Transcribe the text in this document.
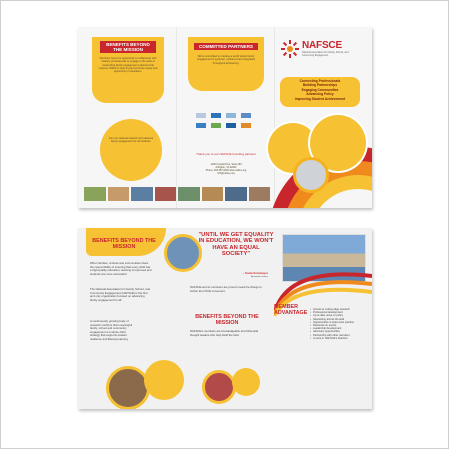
BENEFITS BEYOND THE MISSION
Members have the opportunity to collaborate with industry professionals to engage in the work of maximizing family engagement practices that improve children's learning and promote equity and opportunity in education.
Join our national network and advance family engagement for all students.
COMMITTED PARTNERS
We're committed to creating a world where family engagement is systemic, sustained and integrated throughout all learning.
Thank you to our NAFSCE founding partners
1400 Crystal Drive, Suite 260
Arlington, VA 22202
Phone: 202.657.0200 www.nafsce.org
info@nafsce.org
NAFSCE
National Association for Family, School, and Community Engagement
Connecting Professionals
Building Partnerships
Engaging Communities
Advancing Policy
Improving Student Achievement
BENEFITS BEYOND THE MISSION
When families, schools and communities share the responsibility of ensuring that every child has a high-quality education, learning is improved and students are more successful.
The National Association for Family, School, and Community Engagement (NAFSCE) is the first and only organization focused on advancing family engagement for all.
A continuously growing body of research confirms that meaningful family, school and community engagement is a whole-child strategy that supports student resilience and lifelong learning.
"UNTIL WE GET EQUALITY IN EDUCATION, WE WON'T HAVE AN EQUAL SOCIETY"
– Sonia Sotomayor
Associate Justice
NAFSCE and its members are proud to lead the charge to further the FSCE movement.
BENEFITS BEYOND THE MISSION
NAFSCE's members are knowledgeable and influential thought leaders who help build the field.
MEMBER ADVANTAGE
• Access to cutting edge research
• Professional development
• Up-to-date news on policy
• Networking across the field
• Opportunities to share best practice
• Discounts on events
• Leadership development
• Advocacy opportunities
• Partnership with other members
• A voice in NAFSCE's direction
